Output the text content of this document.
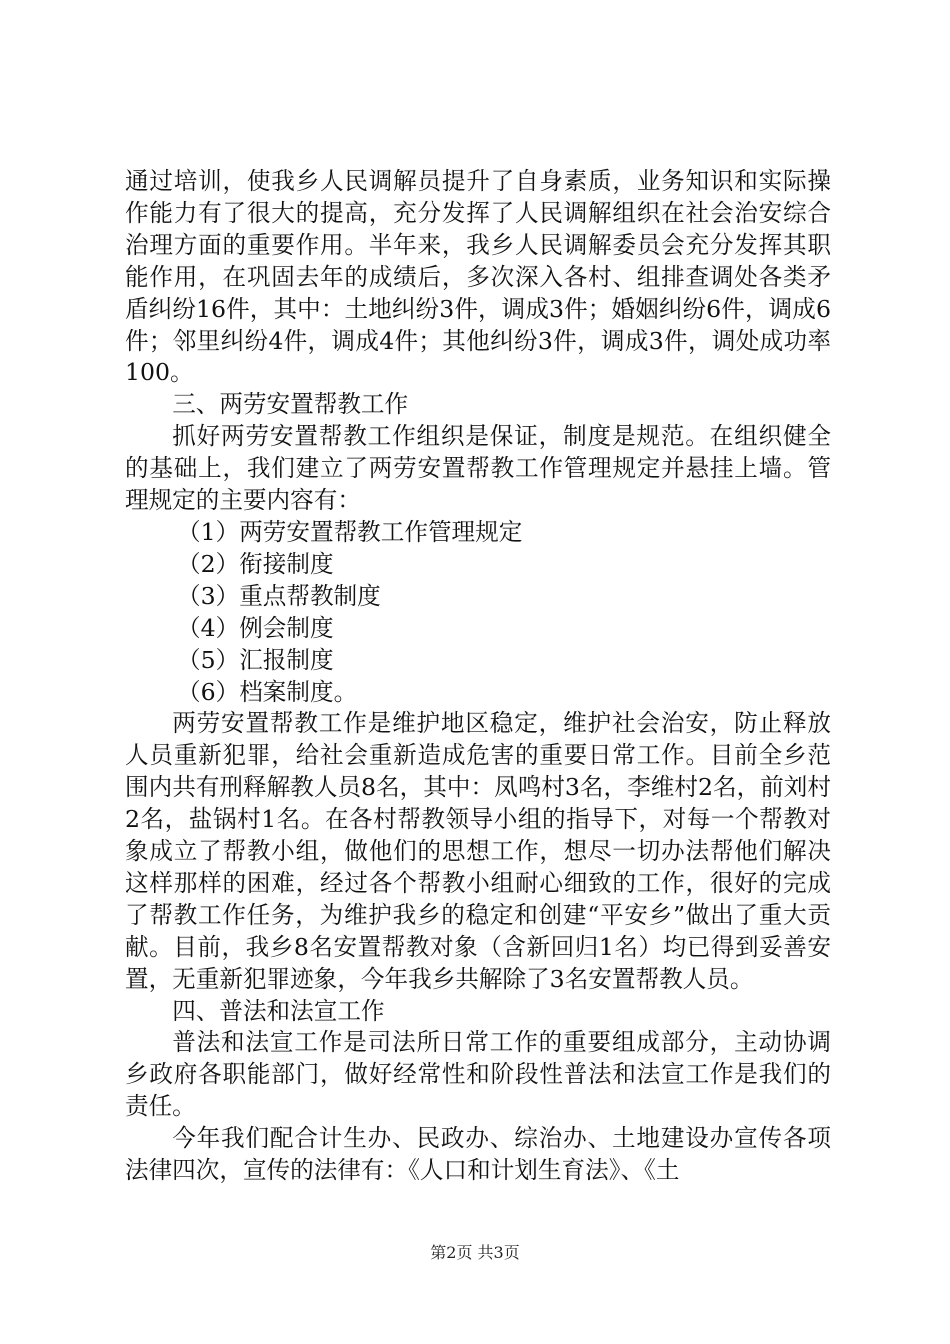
通过培训，使我乡人民调解员提升了自身素质，业务知识和实际操作能力有了很大的提高，充分发挥了人民调解组织在社会治安综合治理方面的重要作用。半年来，我乡人民调解委员会充分发挥其职能作用，在巩固去年的成绩后，多次深入各村、组排查调处各类矛盾纠纷16件，其中：土地纠纷3件，调成3件；婚姻纠纷6件，调成6件；邻里纠纷4件，调成4件；其他纠纷3件，调成3件，调处成功率100。

三、两劳安置帮教工作

抓好两劳安置帮教工作组织是保证，制度是规范。在组织健全的基础上，我们建立了两劳安置帮教工作管理规定并悬挂上墙。管理规定的主要内容有：

（1）两劳安置帮教工作管理规定

（2）衔接制度

（3）重点帮教制度

（4）例会制度

（5）汇报制度

（6）档案制度。

两劳安置帮教工作是维护地区稳定，维护社会治安，防止释放人员重新犯罪，给社会重新造成危害的重要日常工作。目前全乡范围内共有刑释解教人员8名，其中：凤鸣村3名，李维村2名，前刘村2名，盐锅村1名。在各村帮教领导小组的指导下，对每一个帮教对象成立了帮教小组，做他们的思想工作，想尽一切办法帮他们解决这样那样的困难，经过各个帮教小组耐心细致的工作，很好的完成了帮教工作任务，为维护我乡的稳定和创建“平安乡”做出了重大贡献。目前，我乡8名安置帮教对象（含新回归1名）均已得到妥善安置，无重新犯罪迹象，今年我乡共解除了3名安置帮教人员。

四、普法和法宣工作

普法和法宣工作是司法所日常工作的重要组成部分，主动协调乡政府各职能部门，做好经常性和阶段性普法和法宣工作是我们的责任。

今年我们配合计生办、民政办、综治办、土地建设办宣传各项法律四次，宣传的法律有：《人口和计划生育法》、《土

第2页 共3页
